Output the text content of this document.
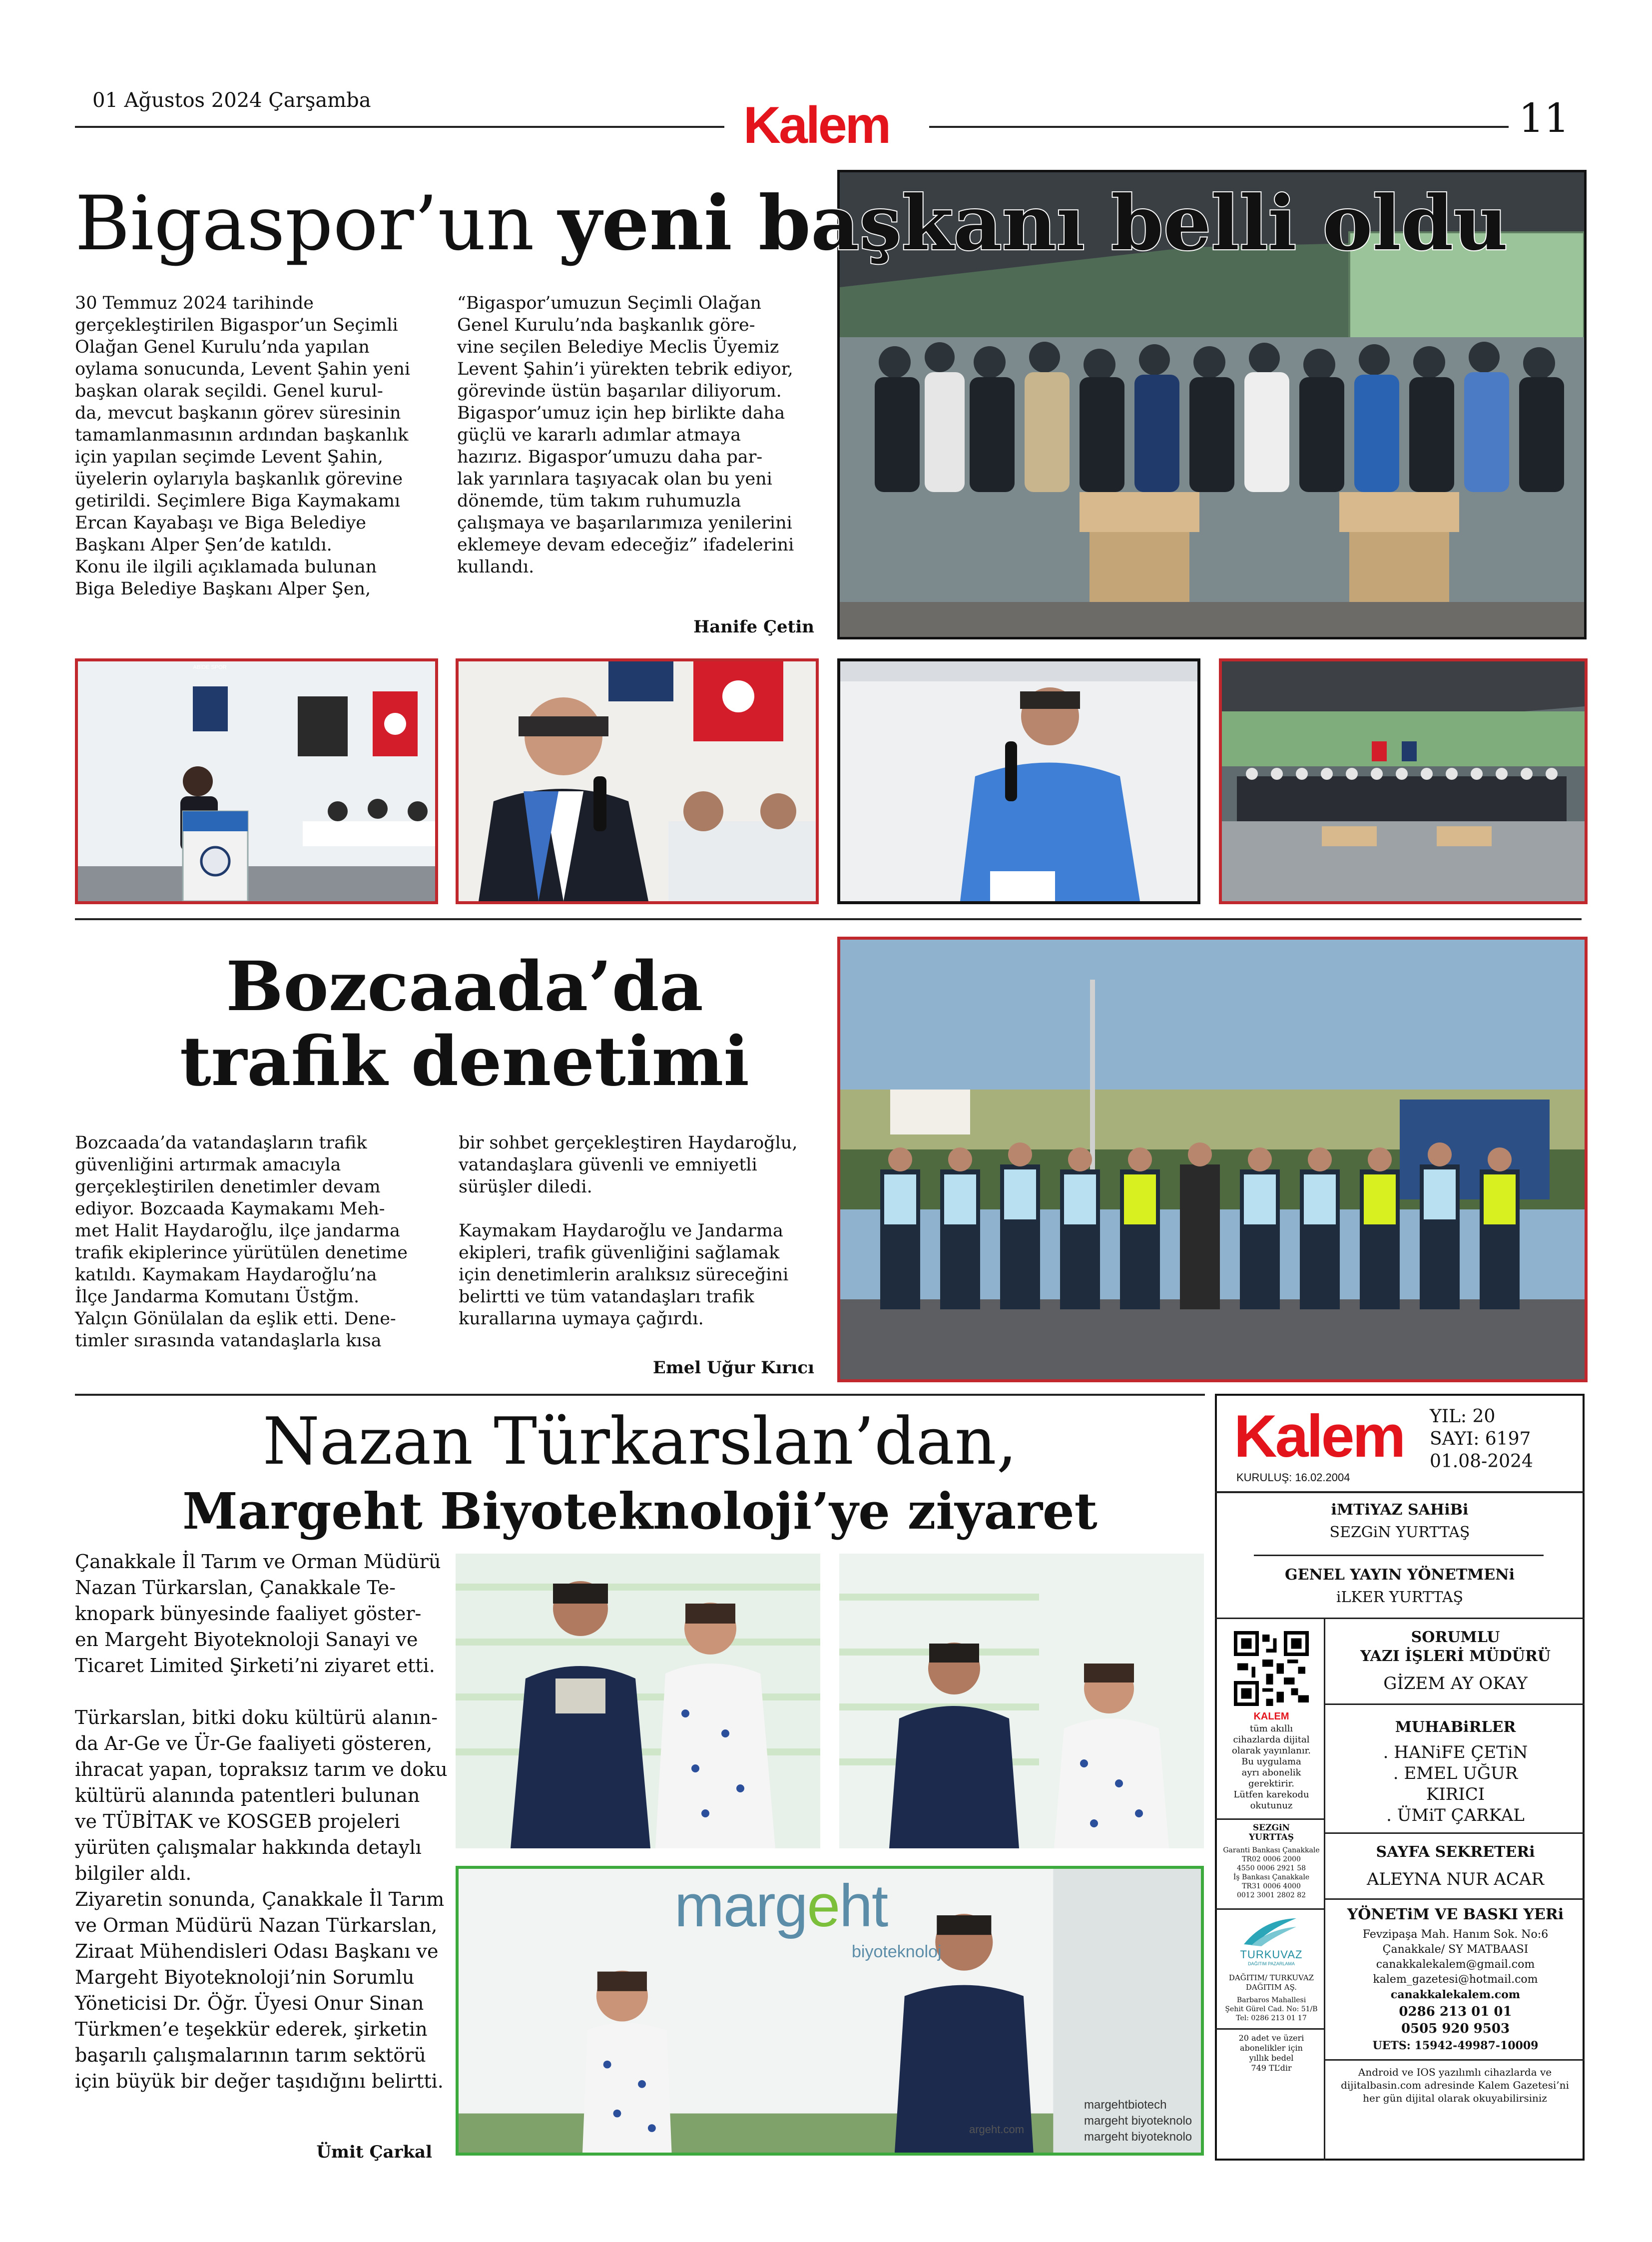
01 Ağustos 2024 Çarşamba	Kalem	11
Bigaspor’un yeni başkanı belli oldu
30 Temmuz 2024 tarihinde
gerçekleştirilen Bigaspor’un Seçimli
Olağan Genel Kurulu’nda yapılan
oylama sonucunda, Levent Şahin yeni
başkan olarak seçildi. Genel kurul-
da, mevcut başkanın görev süresinin
tamamlanmasının ardından başkanlık
için yapılan seçimde Levent Şahin,
üyelerin oylarıyla başkanlık görevine
getirildi. Seçimlere Biga Kaymakamı
Ercan Kayabaşı ve Biga Belediye
Başkanı Alper Şen’de katıldı.
Konu ile ilgili açıklamada bulunan
Biga Belediye Başkanı Alper Şen,
“Bigaspor’umuzun Seçimli Olağan
Genel Kurulu’nda başkanlık göre-
vine seçilen Belediye Meclis Üyemiz
Levent Şahin’i yürekten tebrik ediyor,
görevinde üstün başarılar diliyorum.
Bigaspor’umuz için hep birlikte daha
güçlü ve kararlı adımlar atmaya
hazırız. Bigaspor’umuzu daha par-
lak yarınlara taşıyacak olan bu yeni
dönemde, tüm takım ruhumuzla
çalışmaya ve başarılarımıza yenilerini
eklemeye devam edeceğiz” ifadelerini
kullandı.
Hanife Çetin
ABİDE SPOR
Bozcaada’da
trafik denetimi
Bozcaada’da vatandaşların trafik
güvenliğini artırmak amacıyla
gerçekleştirilen denetimler devam
ediyor. Bozcaada Kaymakamı Meh-
met Halit Haydaroğlu, ilçe jandarma
trafik ekiplerince yürütülen denetime
katıldı. Kaymakam Haydaroğlu’na
İlçe Jandarma Komutanı Üstğm.
Yalçın Gönülalan da eşlik etti. Dene-
timler sırasında vatandaşlarla kısa
bir sohbet gerçekleştiren Haydaroğlu,
vatandaşlara güvenli ve emniyetli
sürüşler diledi.

Kaymakam Haydaroğlu ve Jandarma
ekipleri, trafik güvenliğini sağlamak
için denetimlerin aralıksız süreceğini
belirtti ve tüm vatandaşları trafik
kurallarına uymaya çağırdı.
Emel Uğur Kırıcı
Nazan Türkarslan’dan,
Margeht Biyoteknoloji’ye ziyaret
Çanakkale İl Tarım ve Orman Müdürü
Nazan Türkarslan, Çanakkale Te-
knopark bünyesinde faaliyet göster-
en Margeht Biyoteknoloji Sanayi ve
Ticaret Limited Şirketi’ni ziyaret etti.

Türkarslan, bitki doku kültürü alanın-
da Ar-Ge ve Ür-Ge faaliyeti gösteren,
ihracat yapan, topraksız tarım ve doku
kültürü alanında patentleri bulunan
ve TÜBİTAK ve KOSGEB projeleri
yürüten çalışmalar hakkında detaylı
bilgiler aldı.
Ziyaretin sonunda, Çanakkale İl Tarım
ve Orman Müdürü Nazan Türkarslan,
Ziraat Mühendisleri Odası Başkanı ve
Margeht Biyoteknoloji’nin Sorumlu
Yöneticisi Dr. Öğr. Üyesi Onur Sinan
Türkmen’e teşekkür ederek, şirketin
başarılı çalışmalarının tarım sektörü
için büyük bir değer taşıdığını belirtti.
Ümit Çarkal
margeht
biyoteknoloj
margehtbiotech
margeht biyoteknolo
margeht biyoteknolo
argeht.com
Kalem
KURULUŞ: 16.02.2004
YIL: 20
SAYI: 6197
01.08-2024
iMTiYAZ SAHiBi
SEZGiN YURTTAŞ
GENEL YAYIN YÖNETMENi
iLKER YURTTAŞ
KALEM
tüm akıllı
cihazlarda dijital
olarak yayınlanır.
Bu uygulama
ayrı abonelik
gerektirir.
Lütfen karekodu
okutunuz
SEZGiN
YURTTAŞ
Garanti Bankası Çanakkale
TR02 0006 2000
4550 0006 2921 58
İş Bankası Çanakkale
TR31 0006 4000
0012 3001 2802 82
TURKUVAZ
DAĞITIM PAZARLAMA
DAĞITIM/ TURKUVAZ
DAĞITIM AŞ.
Barbaros Mahallesi
Şehit Gürel Cad. No: 51/B
Tel: 0286 213 01 17
20 adet ve üzeri
abonelikler için
yıllık bedel
749 TL’dir
SORUMLU
YAZI İŞLERİ MÜDÜRÜ
GİZEM AY OKAY
MUHABiRLER
. HANiFE ÇETiN
. EMEL UĞUR
KIRICI
. ÜMiT ÇARKAL
SAYFA SEKRETERi
ALEYNA NUR ACAR
YÖNETiM VE BASKI YERi
Fevzipaşa Mah. Hanım Sok. No:6
Çanakkale/ SY MATBAASI
canakkalekalem@gmail.com
kalem_gazetesi@hotmail.com
canakkalekalem.com
0286 213 01 01
0505 920 9503
UETS: 15942-49987-10009
Android ve IOS yazılımlı cihazlarda ve
dijitalbasin.com adresinde Kalem Gazetesi’ni
her gün dijital olarak okuyabilirsiniz
